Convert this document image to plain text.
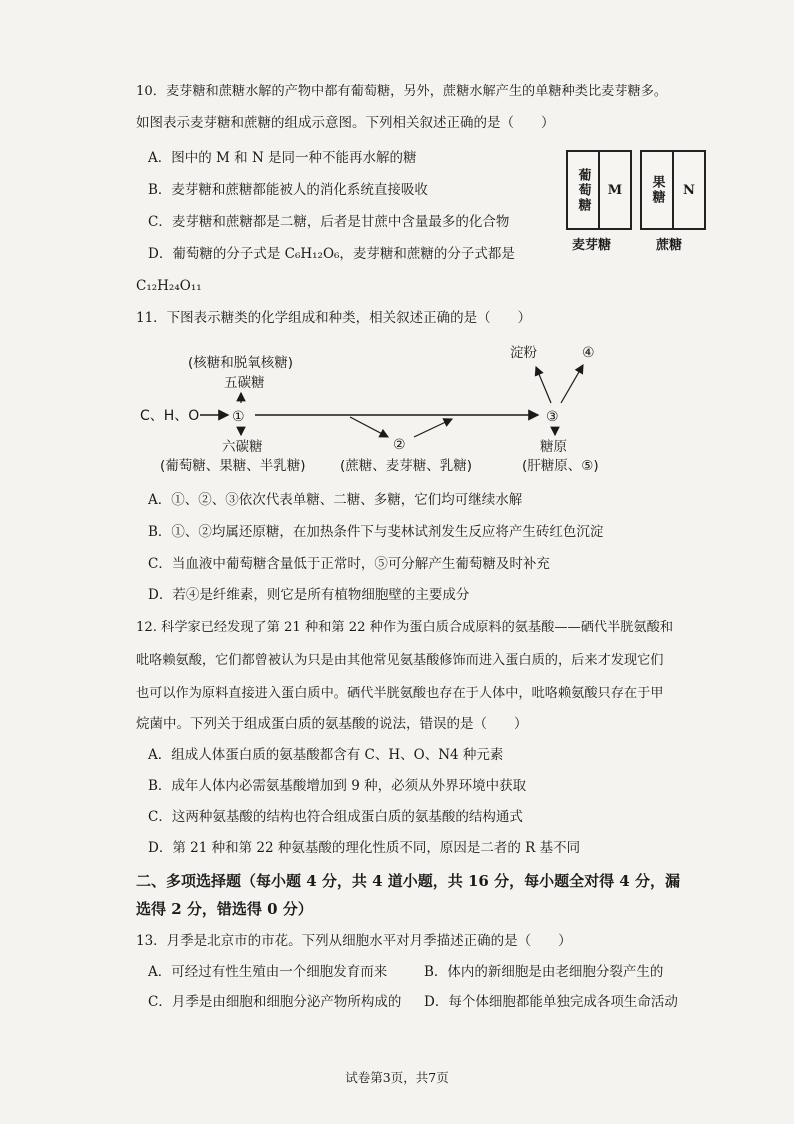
10．麦芽糖和蔗糖水解的产物中都有葡萄糖，另外，蔗糖水解产生的单糖种类比麦芽糖多。
如图表示麦芽糖和蔗糖的组成示意图。下列相关叙述正确的是（　　）
A．图中的 M 和 N 是同一种不能再水解的糖
B．麦芽糖和蔗糖都能被人的消化系统直接吸收
C．麦芽糖和蔗糖都是二糖，后者是甘蔗中含量最多的化合物
D．葡萄糖的分子式是 C₆H₁₂O₆，麦芽糖和蔗糖的分子式都是
C₁₂H₂₄O₁₁
葡萄糖	M
麦芽糖
果糖	N
蔗糖
11．下图表示糖类的化学组成和种类，相关叙述正确的是（　　）
C、H、O ①
五碳糖
(核糖和脱氧核糖)
六碳糖
(葡萄糖、果糖、半乳糖)
②
(蔗糖、麦芽糖、乳糖)
③
淀粉	④
糖原
(肝糖原、⑤)
A．①、②、③依次代表单糖、二糖、多糖，它们均可继续水解
B．①、②均属还原糖，在加热条件下与斐林试剂发生反应将产生砖红色沉淀
C．当血液中葡萄糖含量低于正常时，⑤可分解产生葡萄糖及时补充
D．若④是纤维素，则它是所有植物细胞壁的主要成分
12. 科学家已经发现了第 21 种和第 22 种作为蛋白质合成原料的氨基酸——硒代半胱氨酸和
吡咯赖氨酸，它们都曾被认为只是由其他常见氨基酸修饰而进入蛋白质的，后来才发现它们
也可以作为原料直接进入蛋白质中。硒代半胱氨酸也存在于人体中，吡咯赖氨酸只存在于甲
烷菌中。下列关于组成蛋白质的氨基酸的说法，错误的是（　　）
A．组成人体蛋白质的氨基酸都含有 C、H、O、N4 种元素
B．成年人体内必需氨基酸增加到 9 种，必须从外界环境中获取
C．这两种氨基酸的结构也符合组成蛋白质的氨基酸的结构通式
D．第 21 种和第 22 种氨基酸的理化性质不同，原因是二者的 R 基不同
二、多项选择题（每小题 4 分，共 4 道小题，共 16 分，每小题全对得 4 分，漏
选得 2 分，错选得 0 分）
13．月季是北京市的市花。下列从细胞水平对月季描述正确的是（　　）
A．可经过有性生殖由一个细胞发育而来	B．体内的新细胞是由老细胞分裂产生的
C．月季是由细胞和细胞分泌产物所构成的 D．每个体细胞都能单独完成各项生命活动
试卷第3页，共7页
